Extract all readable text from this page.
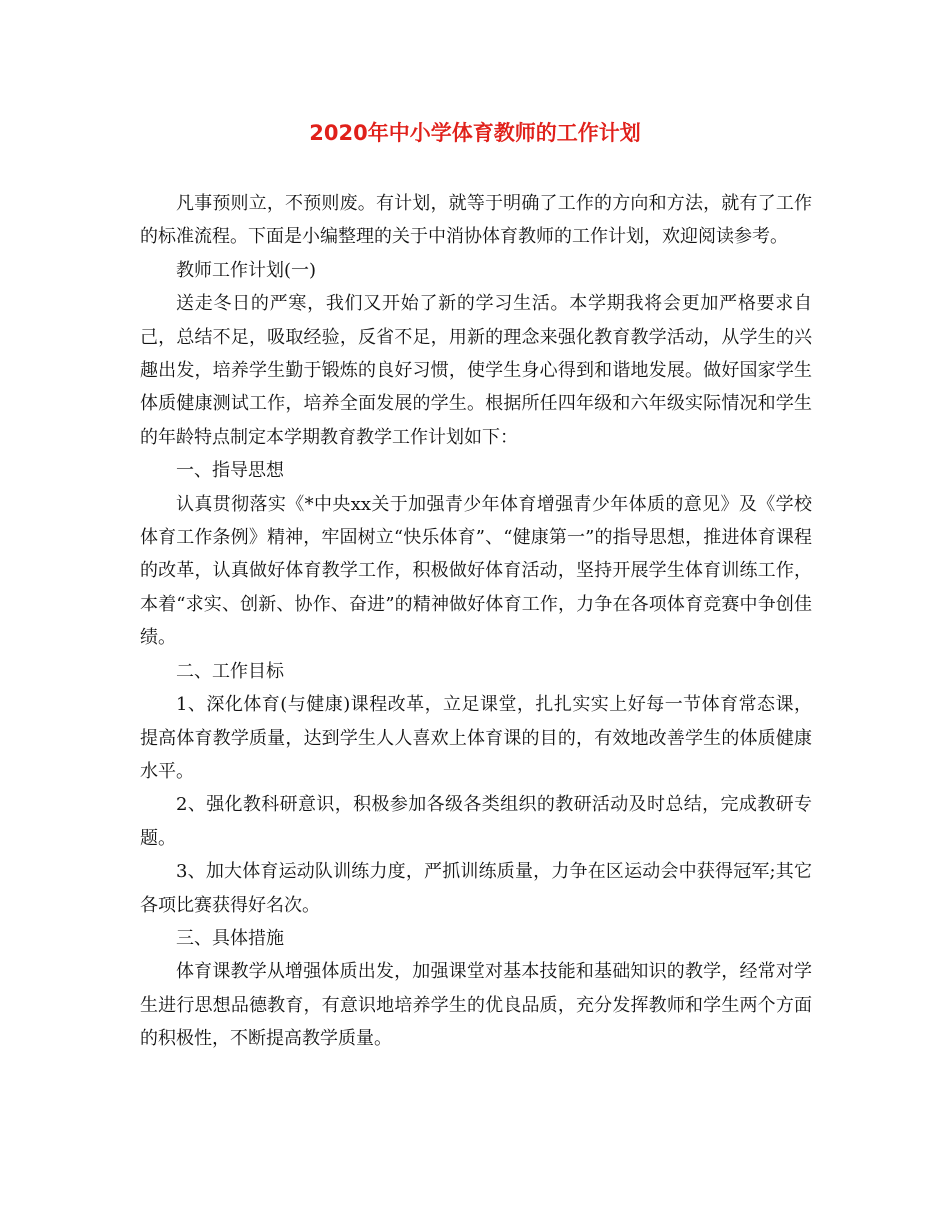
2020年中小学体育教师的工作计划

凡事预则立，不预则废。有计划，就等于明确了工作的方向和方法，就有了工作的标准流程。下面是小编整理的关于中消协体育教师的工作计划，欢迎阅读参考。

教师工作计划(一)

送走冬日的严寒，我们又开始了新的学习生活。本学期我将会更加严格要求自己，总结不足，吸取经验，反省不足，用新的理念来强化教育教学活动，从学生的兴趣出发，培养学生勤于锻炼的良好习惯，使学生身心得到和谐地发展。做好国家学生体质健康测试工作，培养全面发展的学生。根据所任四年级和六年级实际情况和学生的年龄特点制定本学期教育教学工作计划如下：

一、指导思想

认真贯彻落实《*中央xx关于加强青少年体育增强青少年体质的意见》及《学校体育工作条例》精神，牢固树立“快乐体育”、“健康第一”的指导思想，推进体育课程的改革，认真做好体育教学工作，积极做好体育活动，坚持开展学生体育训练工作，本着“求实、创新、协作、奋进”的精神做好体育工作，力争在各项体育竞赛中争创佳绩。

二、工作目标

1、深化体育(与健康)课程改革，立足课堂，扎扎实实上好每一节体育常态课，提高体育教学质量，达到学生人人喜欢上体育课的目的，有效地改善学生的体质健康水平。

2、强化教科研意识，积极参加各级各类组织的教研活动及时总结，完成教研专题。

3、加大体育运动队训练力度，严抓训练质量，力争在区运动会中获得冠军;其它各项比赛获得好名次。

三、具体措施

体育课教学从增强体质出发，加强课堂对基本技能和基础知识的教学，经常对学生进行思想品德教育，有意识地培养学生的优良品质，充分发挥教师和学生两个方面的积极性，不断提高教学质量。
